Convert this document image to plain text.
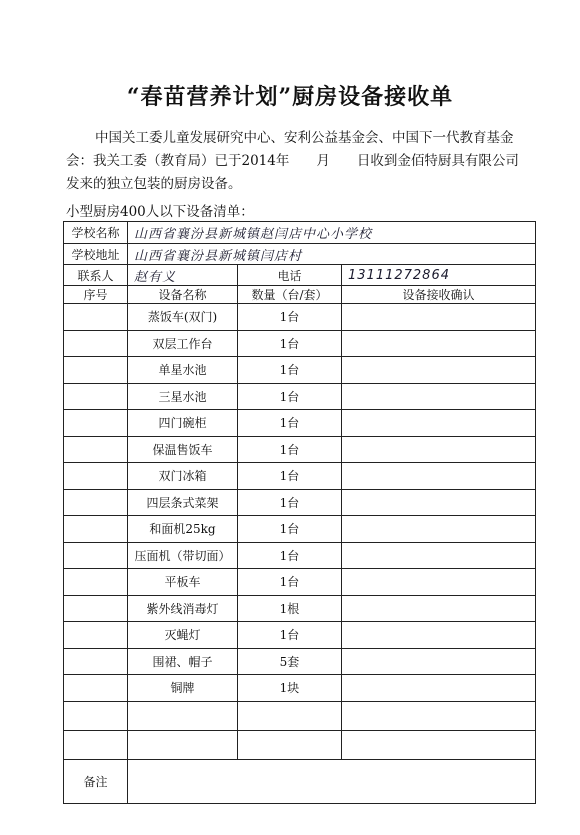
“春苗营养计划”厨房设备接收单
中国关工委儿童发展研究中心、安利公益基金会、中国下一代教育基金会：我关工委（教育局）已于2014年　　月　　日收到金佰特厨具有限公司发来的独立包装的厨房设备。
小型厨房400人以下设备清单：
学校名称	山西省襄汾县新城镇赵闫店中心小学校		
学校地址	山西省襄汾县新城镇闫店村		
联系人	赵有义	电话	13111272864
序号	设备名称	数量（台/套）	设备接收确认
	蒸饭车(双门)	1台	
	双层工作台	1台	
	单星水池	1台	
	三星水池	1台	
	四门碗柜	1台	
	保温售饭车	1台	
	双门冰箱	1台	
	四层条式菜架	1台	
	和面机25kg	1台	
	压面机（带切面）	1台	
	平板车	1台	
	紫外线消毒灯	1根	
	灭蝇灯	1台	
	围裙、帽子	5套	
	铜牌	1块	

备注			
